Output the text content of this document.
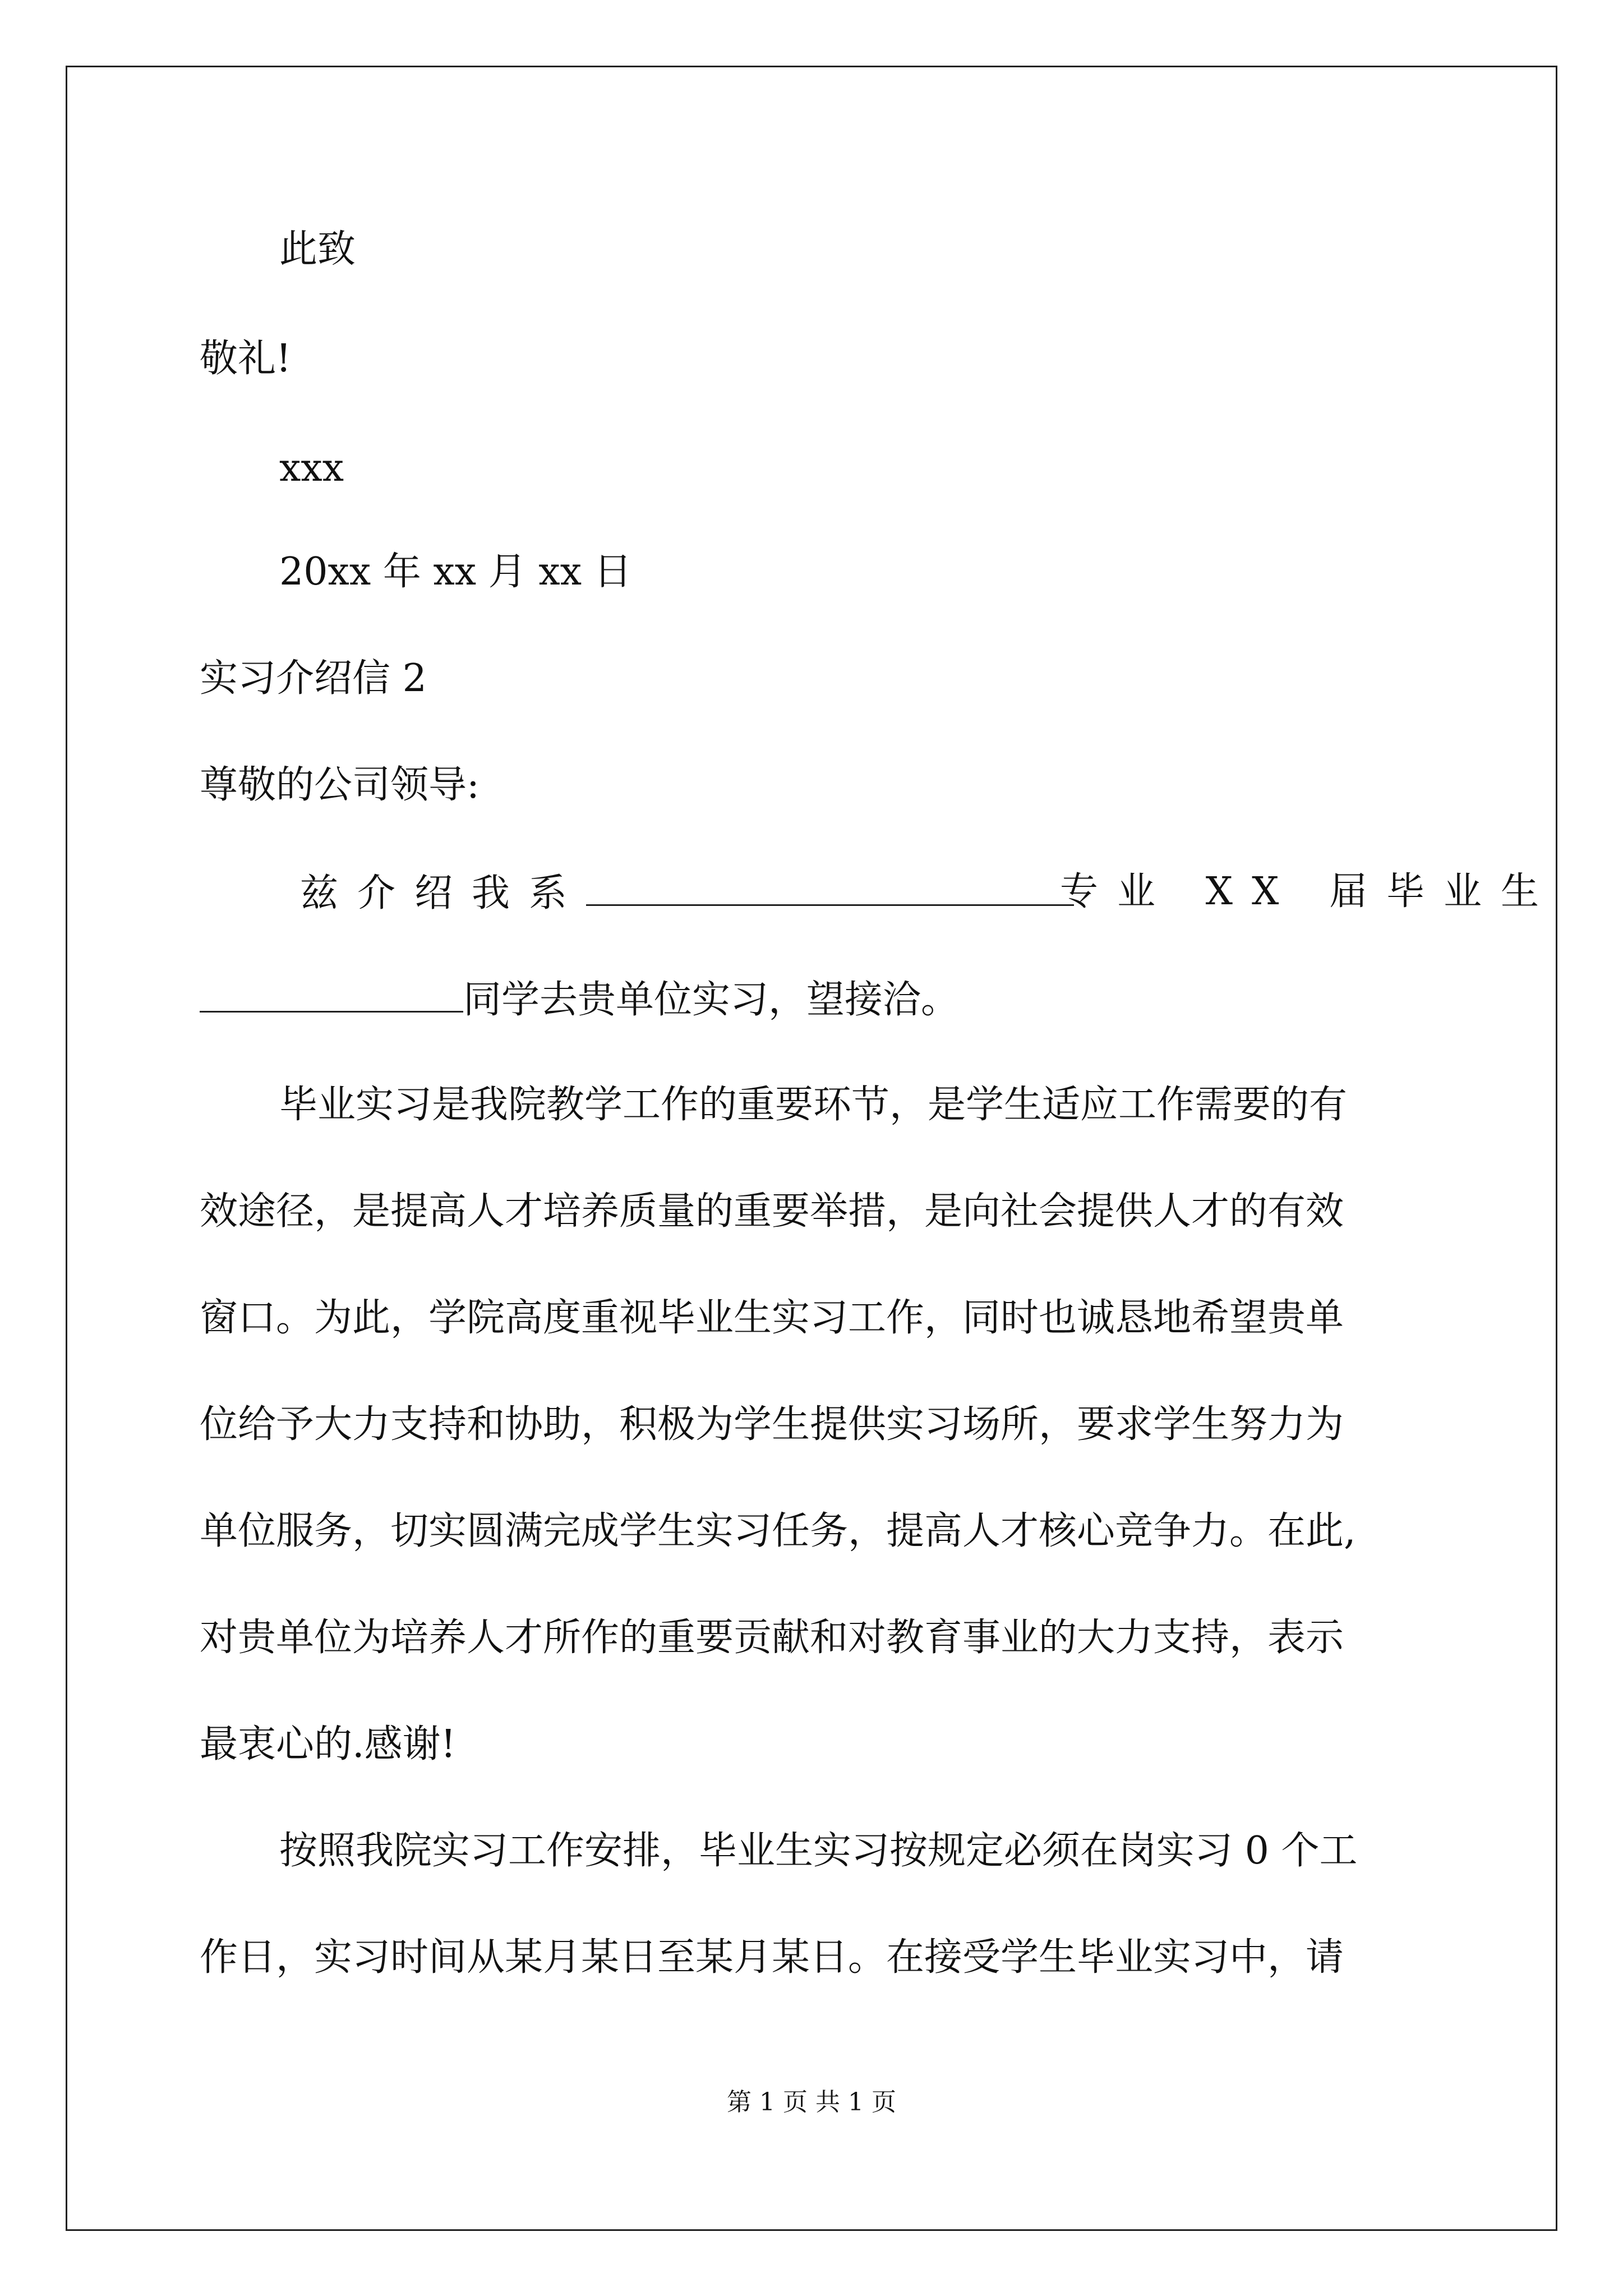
此致
敬礼!
xxx
20xx 年 xx 月 xx 日
实习介绍信 2
尊敬的公司领导:
兹介绍我系	专业 XX 届毕业生
同学去贵单位实习，望接洽。
毕业实习是我院教学工作的重要环节，是学生适应工作需要的有
效途径，是提高人才培养质量的重要举措，是向社会提供人才的有效
窗口。为此，学院高度重视毕业生实习工作，同时也诚恳地希望贵单
位给予大力支持和协助，积极为学生提供实习场所，要求学生努力为
单位服务，切实圆满完成学生实习任务，提高人才核心竞争力。在此,
对贵单位为培养人才所作的重要贡献和对教育事业的大力支持，表示
最衷心的.感谢!
按照我院实习工作安排，毕业生实习按规定必须在岗实习 0 个工
作日，实习时间从某月某日至某月某日。在接受学生毕业实习中，请
第 1 页 共 1 页
